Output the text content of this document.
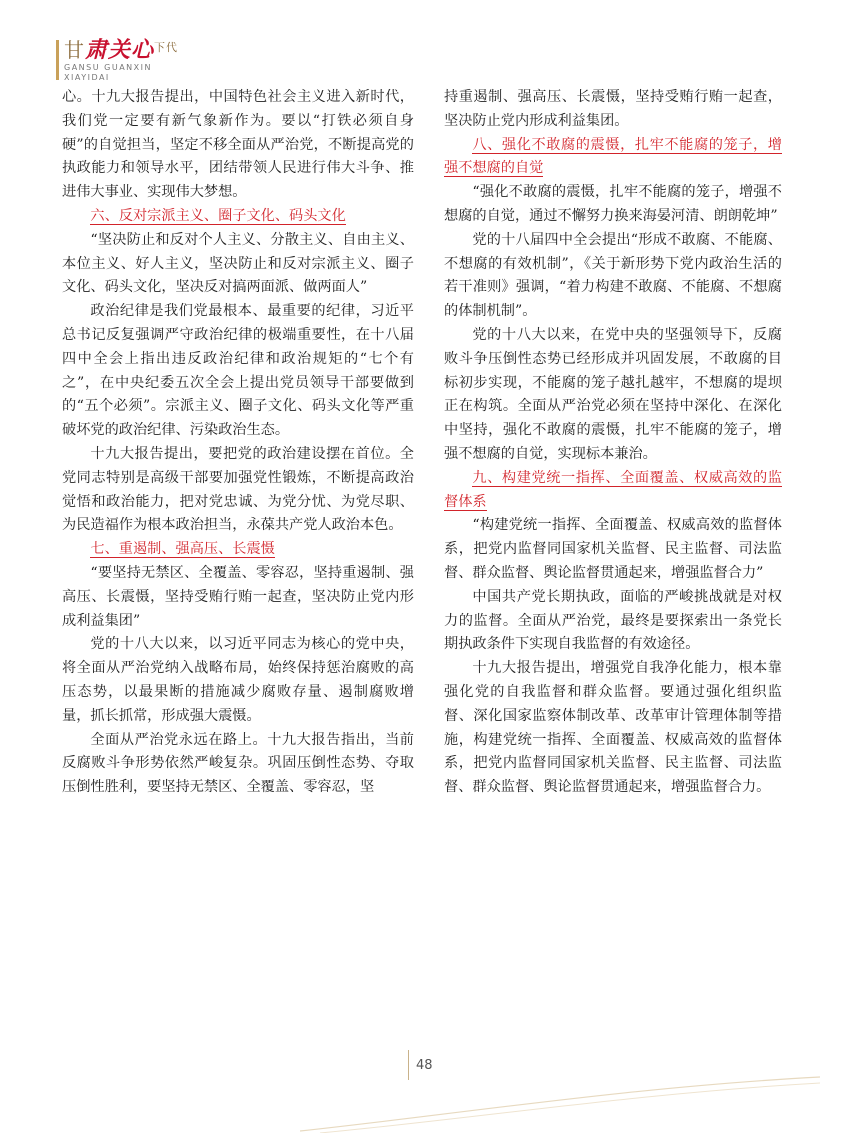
甘肃关心$^{下代}$
GANSU GUANXIN
XIAYIDAI

心。十九大报告提出，中国特色社会主义进入新时代，我们党一定要有新气象新作为。要以“打铁必须自身硬”的自觉担当，坚定不移全面从严治党，不断提高党的执政能力和领导水平，团结带领人民进行伟大斗争、推进伟大事业、实现伟大梦想。

六、反对宗派主义、圈子文化、码头文化

“坚决防止和反对个人主义、分散主义、自由主义、本位主义、好人主义，坚决防止和反对宗派主义、圈子文化、码头文化，坚决反对搞两面派、做两面人”

政治纪律是我们党最根本、最重要的纪律，习近平总书记反复强调严守政治纪律的极端重要性，在十八届四中全会上指出违反政治纪律和政治规矩的“七个有之”，在中央纪委五次全会上提出党员领导干部要做到的“五个必须”。宗派主义、圈子文化、码头文化等严重破坏党的政治纪律、污染政治生态。

十九大报告提出，要把党的政治建设摆在首位。全党同志特别是高级干部要加强党性锻炼，不断提高政治觉悟和政治能力，把对党忠诚、为党分忧、为党尽职、为民造福作为根本政治担当，永葆共产党人政治本色。

七、重遏制、强高压、长震慑

“要坚持无禁区、全覆盖、零容忍，坚持重遏制、强高压、长震慑，坚持受贿行贿一起查，坚决防止党内形成利益集团”

党的十八大以来，以习近平同志为核心的党中央，将全面从严治党纳入战略布局，始终保持惩治腐败的高压态势，以最果断的措施减少腐败存量、遏制腐败增量，抓长抓常，形成强大震慑。

全面从严治党永远在路上。十九大报告指出，当前反腐败斗争形势依然严峻复杂。巩固压倒性态势、夺取压倒性胜利，要坚持无禁区、全覆盖、零容忍，坚

持重遏制、强高压、长震慑，坚持受贿行贿一起查，坚决防止党内形成利益集团。

八、强化不敢腐的震慑，扎牢不能腐的笼子，增强不想腐的自觉

“强化不敢腐的震慑，扎牢不能腐的笼子，增强不想腐的自觉，通过不懈努力换来海晏河清、朗朗乾坤”

党的十八届四中全会提出“形成不敢腐、不能腐、不想腐的有效机制”，《关于新形势下党内政治生活的若干准则》强调，“着力构建不敢腐、不能腐、不想腐的体制机制”。

党的十八大以来，在党中央的坚强领导下，反腐败斗争压倒性态势已经形成并巩固发展，不敢腐的目标初步实现，不能腐的笼子越扎越牢，不想腐的堤坝正在构筑。全面从严治党必须在坚持中深化、在深化中坚持，强化不敢腐的震慑，扎牢不能腐的笼子，增强不想腐的自觉，实现标本兼治。

九、构建党统一指挥、全面覆盖、权威高效的监督体系

“构建党统一指挥、全面覆盖、权威高效的监督体系，把党内监督同国家机关监督、民主监督、司法监督、群众监督、舆论监督贯通起来，增强监督合力”

中国共产党长期执政，面临的严峻挑战就是对权力的监督。全面从严治党，最终是要探索出一条党长期执政条件下实现自我监督的有效途径。

十九大报告提出，增强党自我净化能力，根本靠强化党的自我监督和群众监督。要通过强化组织监督、深化国家监察体制改革、改革审计管理体制等措施，构建党统一指挥、全面覆盖、权威高效的监督体系，把党内监督同国家机关监督、民主监督、司法监督、群众监督、舆论监督贯通起来，增强监督合力。

48
